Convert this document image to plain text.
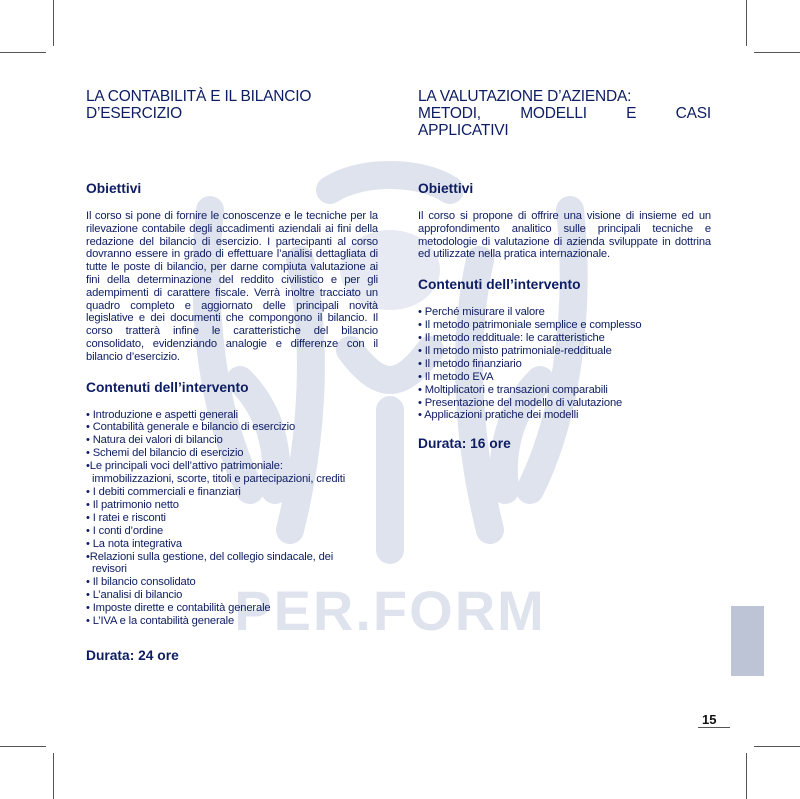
PER.FORM
LA CONTABILITÀ E IL BILANCIO
D’ESERCIZIO
Obiettivi

Il corso si pone di fornire le conoscenze e le tecniche per la rilevazione contabile degli accadimenti aziendali ai fini della redazione del bilancio di esercizio. I partecipanti al corso dovranno essere in grado di effettuare l’analisi dettagliata di tutte le poste di bilancio, per darne compiuta valutazione ai fini della determinazione del reddito civilistico e per gli adempimenti di carattere fiscale. Verrà inoltre tracciato un quadro completo e aggiornato delle principali novità legislative e dei documenti che compongono il bilancio. Il corso tratterà infine le caratteristiche del bilancio consolidato, evidenziando analogie e differenze con il bilancio d’esercizio.

Contenuti dell’intervento
• Introduzione e aspetti generali
• Contabilità generale e bilancio di esercizio
• Natura dei valori di bilancio
• Schemi del bilancio di esercizio
•Le principali voci dell’attivo patrimoniale:
immobilizzazioni, scorte, titoli e partecipazioni, crediti
• I debiti commerciali e finanziari
• Il patrimonio netto
• I ratei e risconti
• I conti d’ordine
• La nota integrativa
•Relazioni sulla gestione, del collegio sindacale, dei
revisori
• Il bilancio consolidato
• L’analisi di bilancio
• Imposte dirette e contabilità generale
• L’IVA e la contabilità generale

Durata: 24 ore

LA VALUTAZIONE D’AZIENDA:
METODI, MODELLI E CASI
APPLICATIVI
Obiettivi

Il corso si propone di offrire una visione di insieme ed un approfondimento analitico sulle principali tecniche e metodologie di valutazione di azienda sviluppate in dottrina ed utilizzate nella pratica internazionale.

Contenuti dell’intervento
• Perché misurare il valore
• Il metodo patrimoniale semplice e complesso
• Il metodo reddituale: le caratteristiche
• Il metodo misto patrimoniale-reddituale
• Il metodo finanziario
• Il metodo EVA
• Moltiplicatori e transazioni comparabili
• Presentazione del modello di valutazione
• Applicazioni pratiche dei modelli

Durata: 16 ore

15
